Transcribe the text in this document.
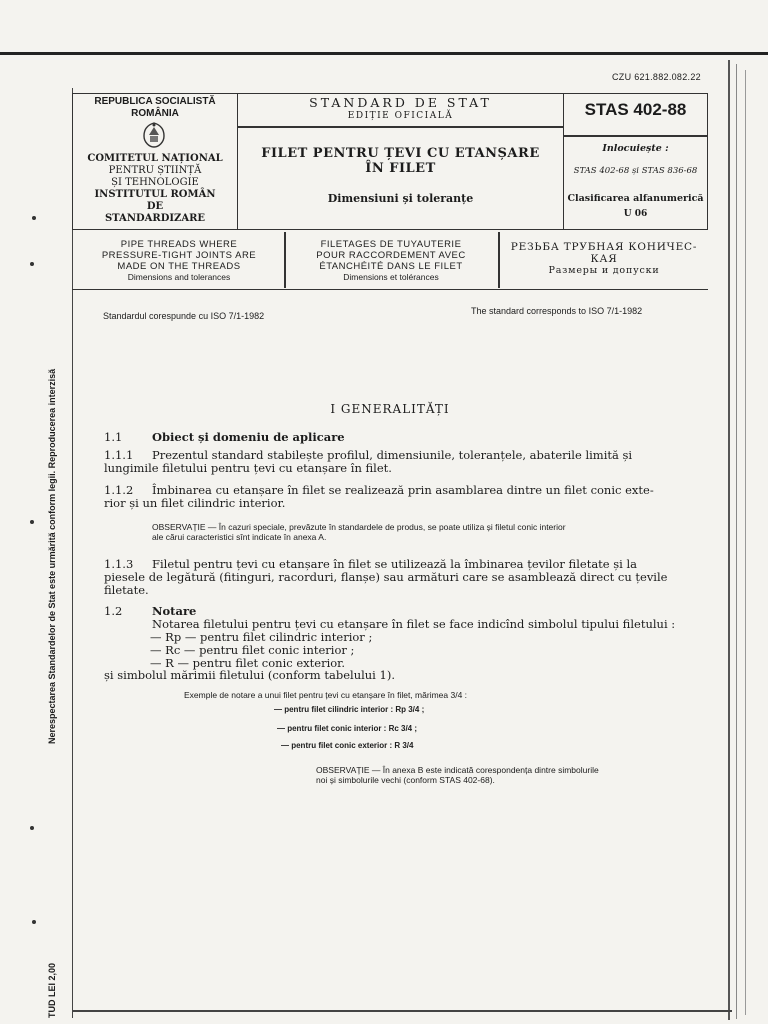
CZU 621.882.082.22
REPUBLICA SOCIALISTĂ
ROMÂNIA
COMITETUL NAȚIONAL
PENTRU ȘTIINȚĂ
ȘI TEHNOLOGIE
INSTITUTUL ROMÂN
DE
STANDARDIZARE
STANDARD DE STAT
EDIȚIE OFICIALĂ	STAS 402-88
FILET PENTRU ȚEVI CU ETANȘARE
ÎN FILET
Dimensiuni și toleranțe
Inlocuiește :
STAS 402-68 și STAS 836-68
Clasificarea alfanumerică
U 06
PIPE THREADS WHERE
PRESSURE-TIGHT JOINTS ARE
MADE ON THE THREADS
Dimensions and tolerances
FILETAGES DE TUYAUTERIE
POUR RACCORDEMENT AVEC
ÉTANCHÉITÉ DANS LE FILET
Dimensions et tolérances
РЕЗЬБА ТРУБНАЯ КОНИЧЕС-
КАЯ
Размеры и допуски
Standardul corespunde cu ISO 7/1-1982	The standard corresponds to ISO 7/1-1982
I GENERALITĂȚI
1.1	Obiect și domeniu de aplicare
1.1.1 Prezentul standard stabilește profilul, dimensiunile, toleranțele, abaterile limită și
lungimile filetului pentru țevi cu etanșare în filet.
1.1.2 Îmbinarea cu etanșare în filet se realizează prin asamblarea dintre un filet conic exte-
rior și un filet cilindric interior.
OBSERVAȚIE — În cazuri speciale, prevăzute în standardele de produs, se poate utiliza și filetul conic interior
ale cărui caracteristici sînt indicate în anexa A.
1.1.3 Filetul pentru țevi cu etanșare în filet se utilizează la îmbinarea țevilor filetate și la
piesele de legătură (fitinguri, racorduri, flanșe) sau armături care se asamblează direct cu țevile
filetate.
1.2	Notare
Notarea filetului pentru țevi cu etanșare în filet se face indicînd simbolul tipului filetului :
— Rp — pentru filet cilindric interior ;
— Rc — pentru filet conic interior ;
— R — pentru filet conic exterior.
și simbolul mărimii filetului (conform tabelului 1).
Exemple de notare a unui filet pentru țevi cu etanșare în filet, mărimea 3/4 :
— pentru filet cilindric interior : Rp 3/4 ;
— pentru filet conic interior : Rc 3/4 ;
— pentru filet conic exterior : R 3/4
OBSERVAȚIE — În anexa B este indicată corespondența dintre simbolurile
noi și simbolurile vechi (conform STAS 402-68).
Nerespectarea Standardelor de Stat este urmărită conform legii. Reproducerea interzisă
TUD LEI 2,00
